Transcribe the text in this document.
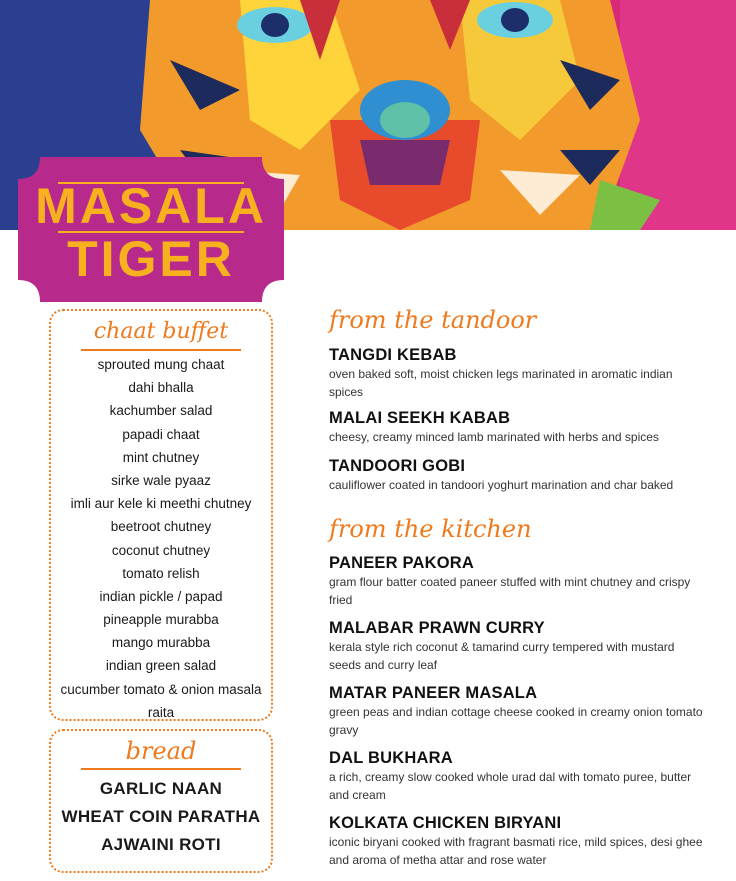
MASALA
TIGER
chaat buffet
sprouted mung chaat
dahi bhalla
kachumber salad
papadi chaat
mint chutney
sirke wale pyaaz
imli aur kele ki meethi chutney
beetroot chutney
coconut chutney
tomato relish
indian pickle / papad
pineapple murabba
mango murabba
indian green salad
cucumber tomato & onion masala
raita
bread
GARLIC NAAN
WHEAT COIN PARATHA
AJWAINI ROTI
from the tandoor
TANGDI KEBAB
oven baked soft, moist chicken legs marinated in aromatic indian spices
MALAI SEEKH KABAB
cheesy, creamy minced lamb marinated with herbs and spices
TANDOORI GOBI
cauliflower coated in tandoori yoghurt marination and char baked
from the kitchen
PANEER PAKORA
gram flour batter coated paneer stuffed with mint chutney and crispy fried
MALABAR PRAWN CURRY
kerala style rich coconut & tamarind curry tempered with mustard seeds and curry leaf
MATAR PANEER MASALA
green peas and indian cottage cheese cooked in creamy onion tomato gravy
DAL BUKHARA
a rich, creamy slow cooked whole urad dal with tomato puree, butter and cream
KOLKATA CHICKEN BIRYANI
iconic biryani cooked with fragrant basmati rice, mild spices, desi ghee and aroma of metha attar and rose water
